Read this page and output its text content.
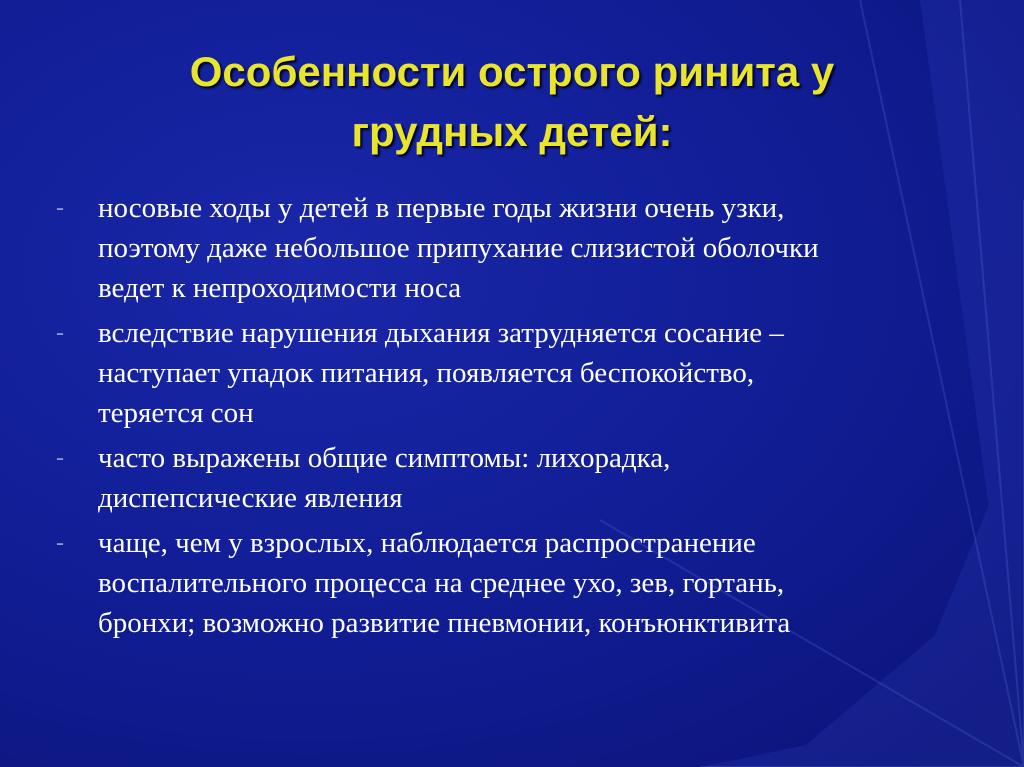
Особенности острого ринита у
грудных детей:
- носовые ходы у детей в первые годы жизни очень узки,
поэтому даже небольшое припухание слизистой оболочки
ведет к непроходимости носа
- вследствие нарушения дыхания затрудняется сосание –
наступает упадок питания, появляется беспокойство,
теряется сон
- часто выражены общие симптомы: лихорадка,
диспепсические явления
- чаще, чем у взрослых, наблюдается распространение
воспалительного процесса на среднее ухо, зев, гортань,
бронхи; возможно развитие пневмонии, конъюнктивита
